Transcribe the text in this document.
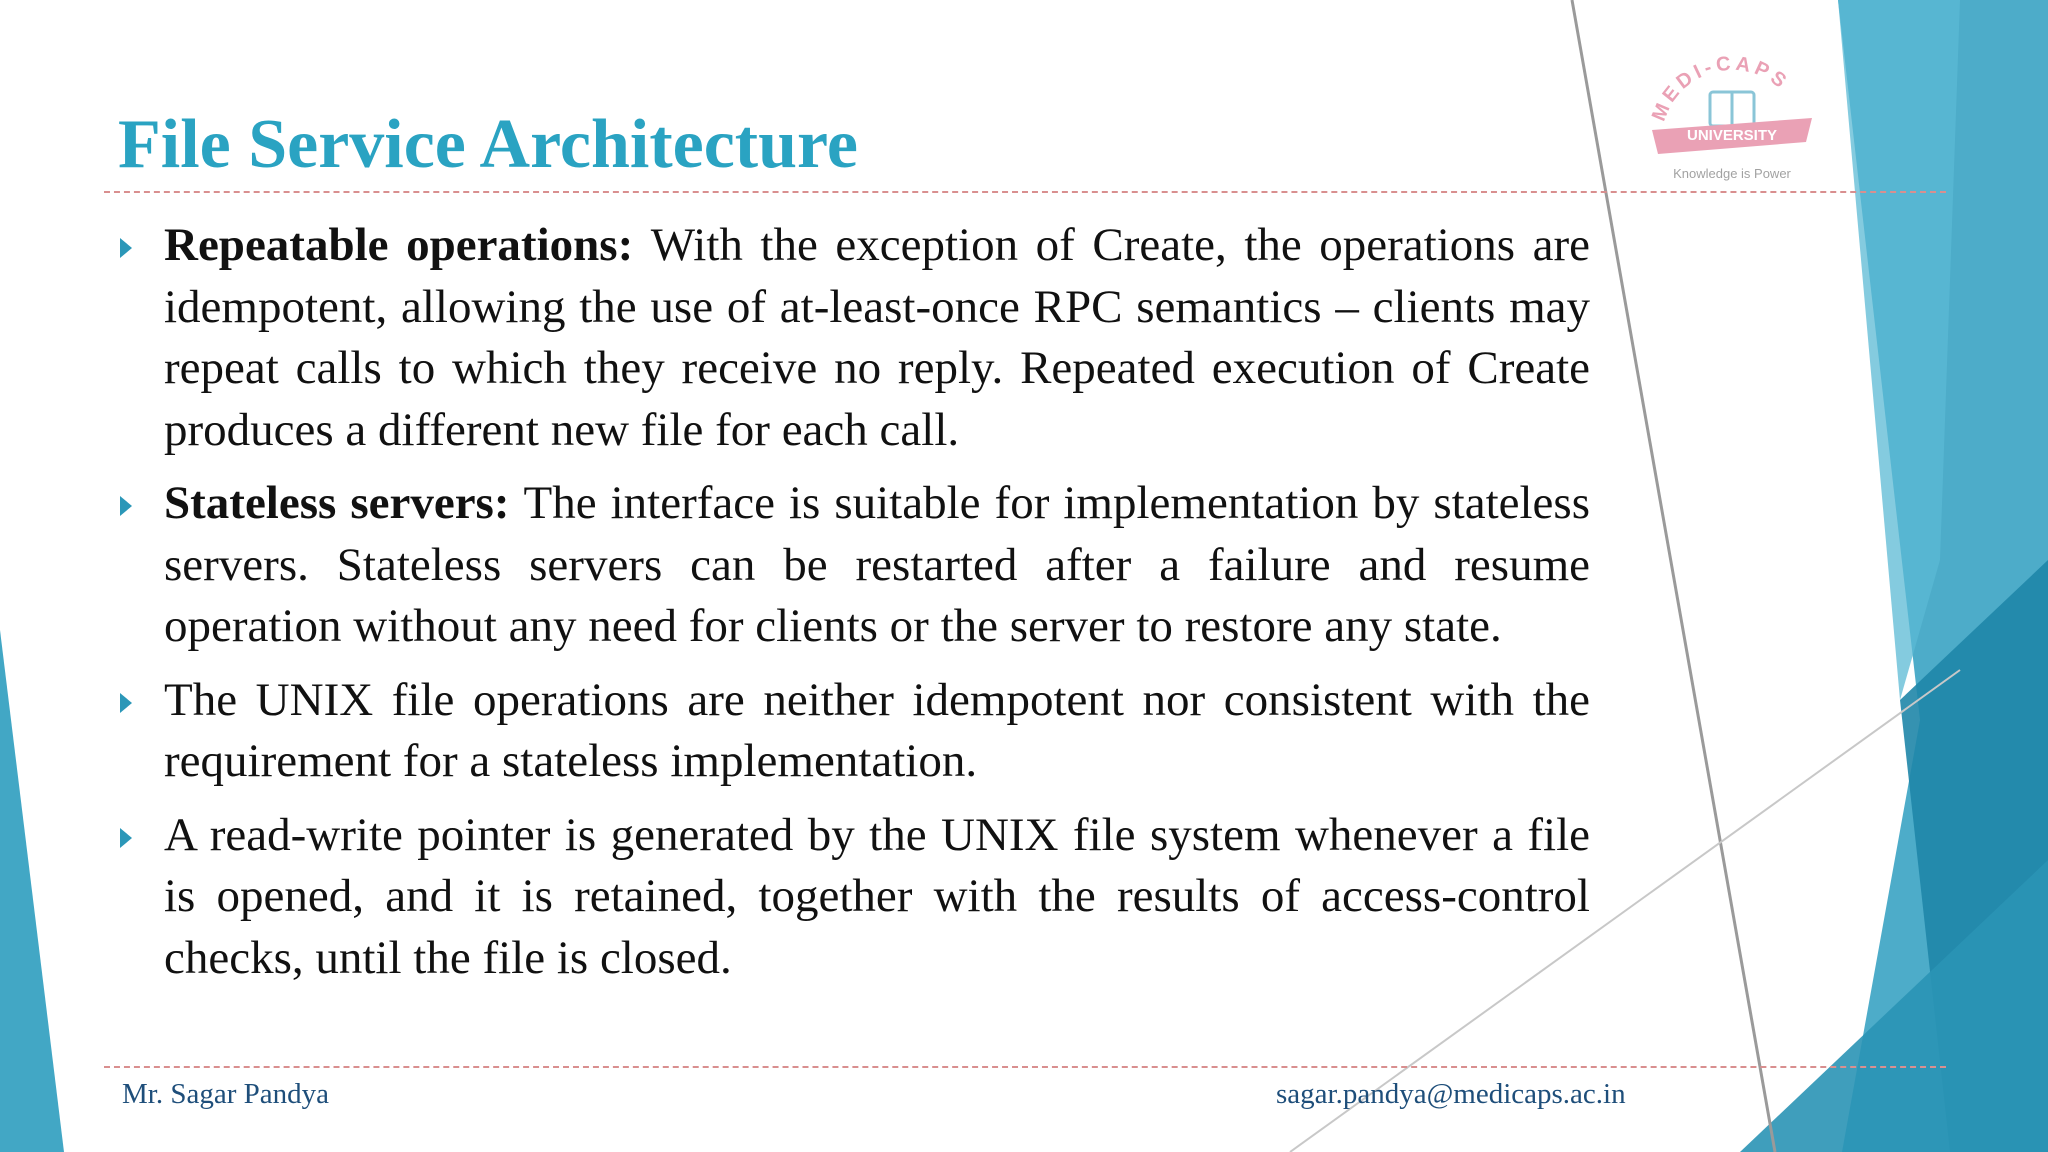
MEDI-CAPS
UNIVERSITY
Knowledge is Power
File Service Architecture
Repeatable operations: With the exception of Create, the operations are idempotent, allowing the use of at-least-once RPC semantics – clients may repeat calls to which they receive no reply. Repeated execution of Create produces a different new file for each call.
Stateless servers: The interface is suitable for implementation by stateless servers. Stateless servers can be restarted after a failure and resume operation without any need for clients or the server to restore any state.
The UNIX file operations are neither idempotent nor consistent with the requirement for a stateless implementation.
A read-write pointer is generated by the UNIX file system whenever a file is opened, and it is retained, together with the results of access-control checks, until the file is closed.
Mr. Sagar Pandya	sagar.pandya@medicaps.ac.in
